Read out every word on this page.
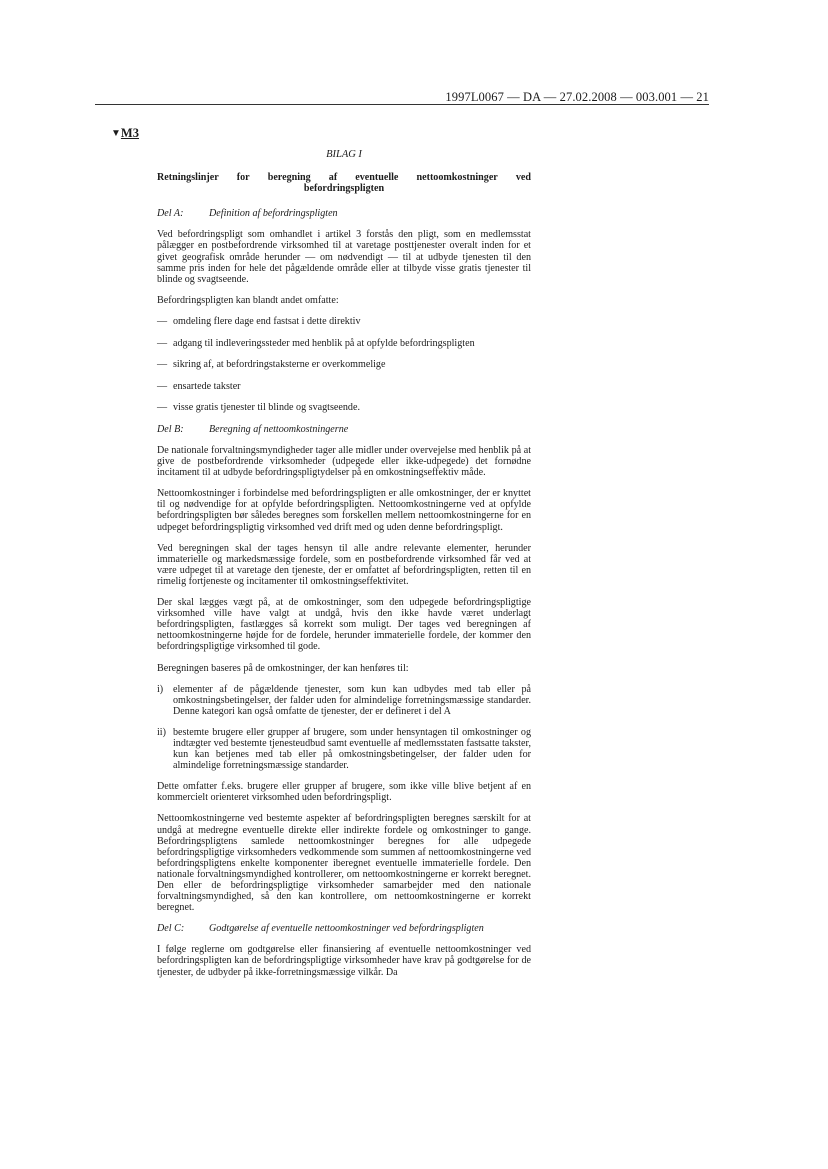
1997L0067 — DA — 27.02.2008 — 003.001 — 21
▼M3
BILAG I
Retningslinjer for beregning af eventuelle nettoomkostninger ved
befordringspligten
Del A:	Definition af befordringspligten

Ved befordringspligt som omhandlet i artikel 3 forstås den pligt, som en medlemsstat pålægger en postbefordrende virksomhed til at varetage posttjenester overalt inden for et givet geografisk område herunder — om nødvendigt — til at udbyde tjenesten til den samme pris inden for hele det pågældende område eller at tilbyde visse gratis tjenester til blinde og svagtseende.

Befordringspligten kan blandt andet omfatte:

— omdeling flere dage end fastsat i dette direktiv
— adgang til indleveringssteder med henblik på at opfylde befordringspligten
— sikring af, at befordringstaksterne er overkommelige
— ensartede takster
— visse gratis tjenester til blinde og svagtseende.
Del B:	Beregning af nettoomkostningerne

De nationale forvaltningsmyndigheder tager alle midler under overvejelse med henblik på at give de postbefordrende virksomheder (udpegede eller ikke-udpegede) det fornødne incitament til at udbyde befordringspligtydelser på en omkostningseffektiv måde.

Nettoomkostninger i forbindelse med befordringspligten er alle omkostninger, der er knyttet til og nødvendige for at opfylde befordringspligten. Nettoomkostningerne ved at opfylde befordringspligten bør således beregnes som forskellen mellem nettoomkostningerne for en udpeget befordringspligtig virksomhed ved drift med og uden denne befordringspligt.

Ved beregningen skal der tages hensyn til alle andre relevante elementer, herunder immaterielle og markedsmæssige fordele, som en postbefordrende virksomhed får ved at være udpeget til at varetage den tjeneste, der er omfattet af befordringspligten, retten til en rimelig fortjeneste og incitamenter til omkostningseffektivitet.

Der skal lægges vægt på, at de omkostninger, som den udpegede befordringspligtige virksomhed ville have valgt at undgå, hvis den ikke havde været underlagt befordringspligten, fastlægges så korrekt som muligt. Der tages ved beregningen af nettoomkostningerne højde for de fordele, herunder immaterielle fordele, der kommer den befordringspligtige virksomhed til gode.

Beregningen baseres på de omkostninger, der kan henføres til:

i) elementer af de pågældende tjenester, som kun kan udbydes med tab eller på omkostningsbetingelser, der falder uden for almindelige forretningsmæssige standarder. Denne kategori kan også omfatte de tjenester, der er defineret i del A
ii) bestemte brugere eller grupper af brugere, som under hensyntagen til omkostninger og indtægter ved bestemte tjenesteudbud samt eventuelle af medlemsstaten fastsatte takster, kun kan betjenes med tab eller på omkostningsbetingelser, der falder uden for almindelige forretningsmæssige standarder.

Dette omfatter f.eks. brugere eller grupper af brugere, som ikke ville blive betjent af en kommercielt orienteret virksomhed uden befordringspligt.

Nettoomkostningerne ved bestemte aspekter af befordringspligten beregnes særskilt for at undgå at medregne eventuelle direkte eller indirekte fordele og omkostninger to gange. Befordringspligtens samlede nettoomkostninger beregnes for alle udpegede befordringspligtige virksomheders vedkommende som summen af nettoomkostningerne ved befordringspligtens enkelte komponenter iberegnet eventuelle immaterielle fordele. Den nationale forvaltningsmyndighed kontrollerer, om nettoomkostningerne er korrekt beregnet. Den eller de befordringspligtige virksomheder samarbejder med den nationale forvaltningsmyndighed, så den kan kontrollere, om nettoomkostningerne er korrekt beregnet.

Del C:	Godtgørelse af eventuelle nettoomkostninger ved befordringspligten

I følge reglerne om godtgørelse eller finansiering af eventuelle nettoomkostninger ved befordringspligten kan de befordringspligtige virksomheder have krav på godtgørelse for de tjenester, de udbyder på ikke-forretningsmæssige vilkår. Da
